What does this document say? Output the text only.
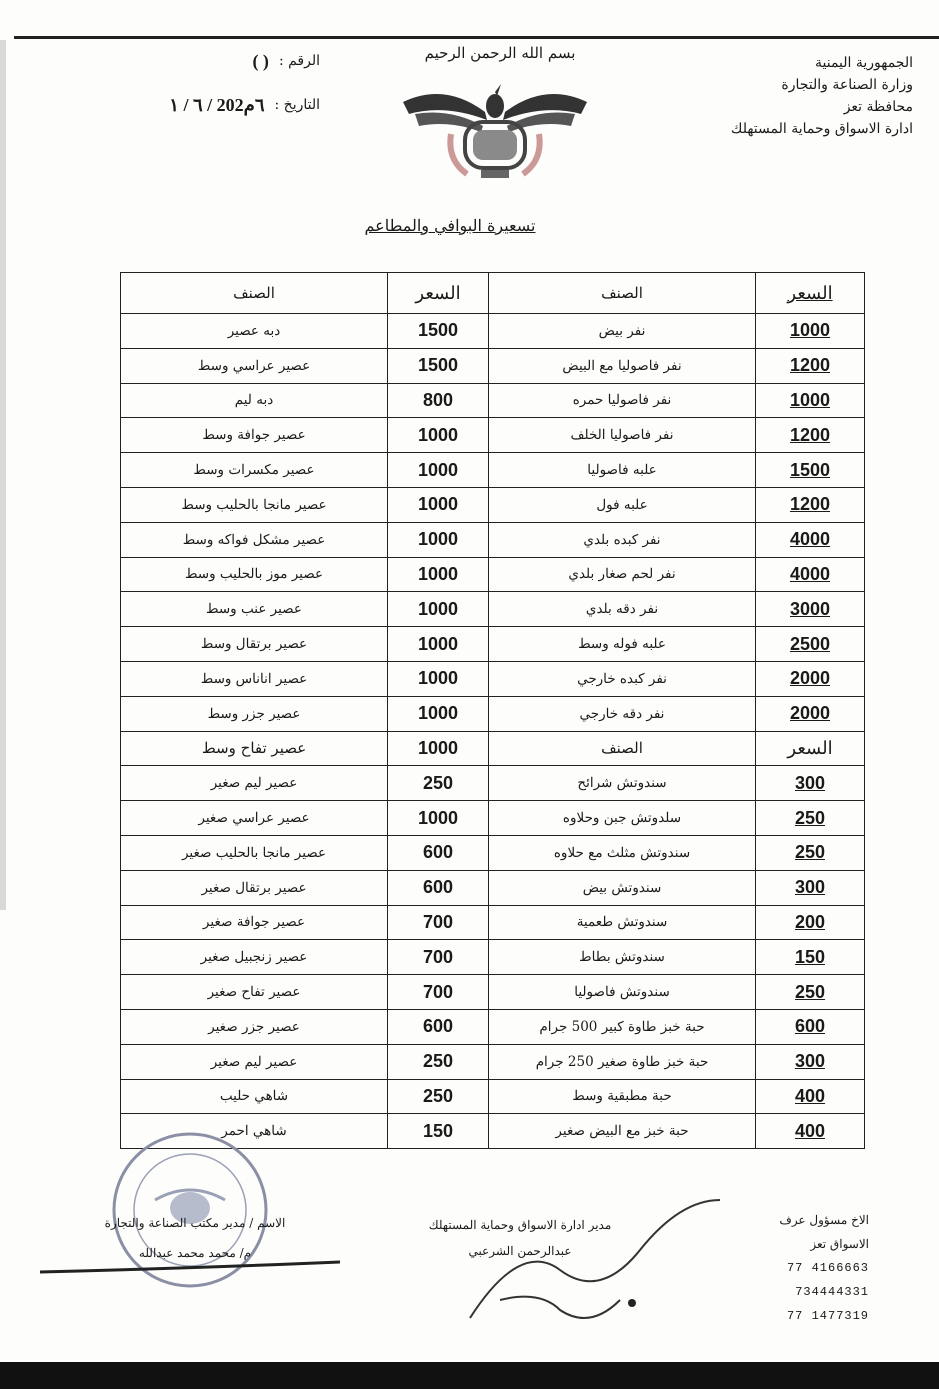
الجمهورية اليمنية
وزارة الصناعة والتجارة
محافظة تعز
ادارة الاسواق وحماية المستهلك
بسم الله الرحمن الرحيم
الرقم :
( )
التاريخ :
٦ / ١ / 202٦م
تسعيرة البوافي والمطاعم
السعر	الصنف	السعر	الصنف
1000	نفر بيض	1500	دبه عصير
1200	نفر فاصوليا مع البيض	1500	عصير عراسي وسط
1000	نفر فاصوليا حمره	800	دبه ليم
1200	نفر فاصوليا الخلف	1000	عصير جوافة وسط
1500	علبه فاصوليا	1000	عصير مكسرات وسط
1200	علبه فول	1000	عصير مانجا بالحليب وسط
4000	نفر كبده بلدي	1000	عصير مشكل فواكه وسط
4000	نفر لحم صغار بلدي	1000	عصير موز بالحليب وسط
3000	نفر دقه بلدي	1000	عصير عنب وسط
2500	علبه فوله وسط	1000	عصير برتقال وسط
2000	نفر كبده خارجي	1000	عصير اناناس وسط
2000	نفر دقه خارجي	1000	عصير جزر وسط
السعر	الصنف	1000	عصير تفاح وسط
300	سندوتش شرائح	250	عصير ليم صغير
250	سلدوتش جبن وحلاوه	1000	عصير عراسي صغير
250	سندوتش مثلث مع حلاوه	600	عصير مانجا بالحليب صغير
300	سندوتش بيض	600	عصير برتقال صغير
200	سندوتش طعمية	700	عصير جوافة صغير
150	سندوتش بطاط	700	عصير زنجبيل صغير
250	سندوتش فاصوليا	700	عصير تفاح صغير
600	حبة خبز طاوة كبير 500 جرام	600	عصير جزر صغير
300	حبة خبز طاوة صغير 250 جرام	250	عصير ليم صغير
400	حبة مطبقية وسط	250	شاهي حليب
400	حبة خبز مع البيض صغير	150	شاهي احمر
الاخ مسؤول عرف
الاسواق تعز
77 4166663
734444331
77 1477319
مدير ادارة الاسواق وحماية المستهلك
عبدالرحمن الشرعبي
الاسم / مدير مكتب الصناعة والتجارة
م/ محمد محمد عبدالله
